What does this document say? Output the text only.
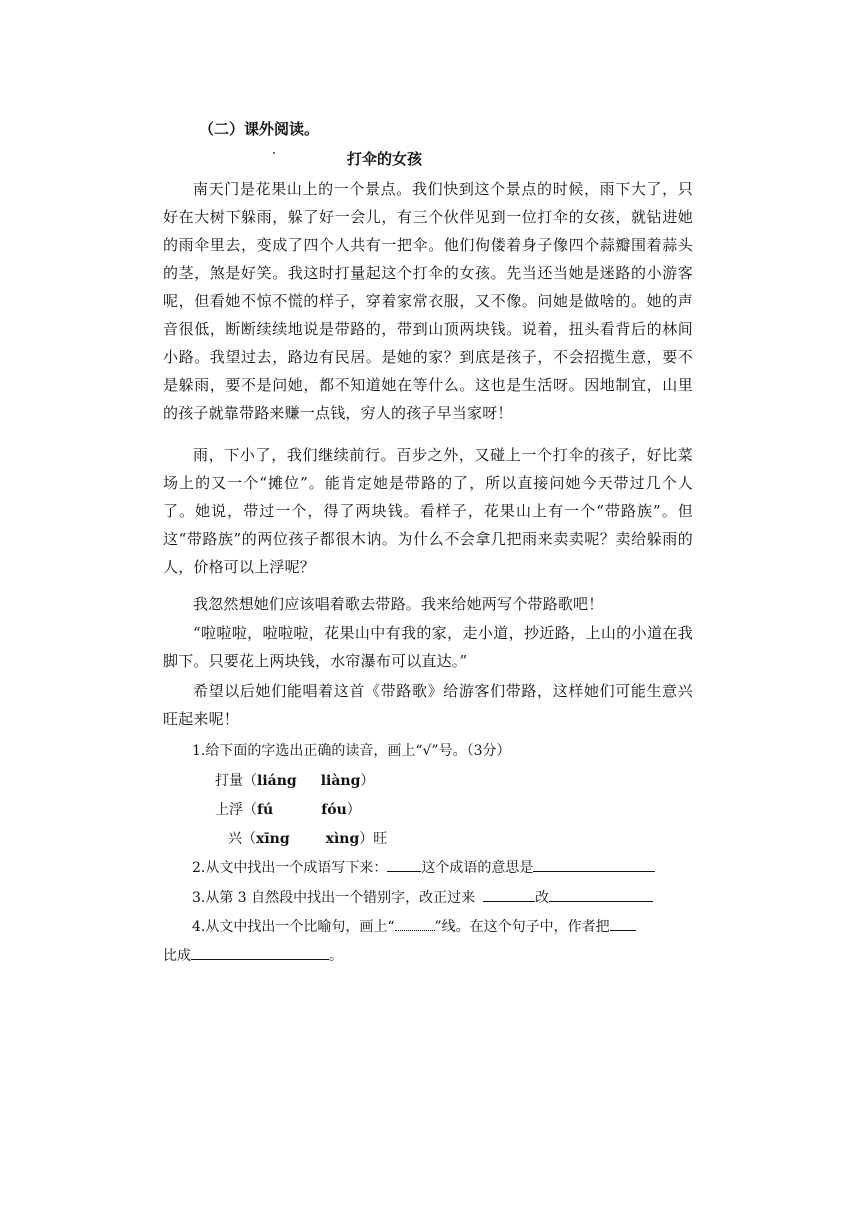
（二）课外阅读。
打伞的女孩

南天门是花果山上的一个景点。我们快到这个景点的时候，雨下大了，只好在大树下躲雨，躲了好一会儿，有三个伙伴见到一位打伞的女孩，就钻进她的雨伞里去，变成了四个人共有一把伞。他们佝偻着身子像四个蒜瓣围着蒜头的茎，煞是好笑。我这时打量起这个打伞的女孩。先当还当她是迷路的小游客呢，但看她不惊不慌的样子，穿着家常衣服，又不像。问她是做啥的。她的声音很低，断断续续地说是带路的，带到山顶两块钱。说着，扭头看背后的林间小路。我望过去，路边有民居。是她的家？到底是孩子，不会招揽生意，要不是躲雨，要不是问她，都不知道她在等什么。这也是生活呀。因地制宜，山里的孩子就靠带路来赚一点钱，穷人的孩子早当家呀！

雨，下小了，我们继续前行。百步之外，又碰上一个打伞的孩子，好比菜场上的又一个“摊位”。能肯定她是带路的了，所以直接问她今天带过几个人了。她说，带过一个，得了两块钱。看样子，花果山上有一个“带路族”。但这“带路族”的两位孩子都很木讷。为什么不会拿几把雨来卖卖呢？卖给躲雨的人，价格可以上浮呢？

我忽然想她们应该唱着歌去带路。我来给她两写个带路歌吧！

“啦啦啦，啦啦啦，花果山中有我的家，走小道，抄近路，上山的小道在我脚下。只要花上两块钱，水帘瀑布可以直达。”

希望以后她们能唱着这首《带路歌》给游客们带路，这样她们可能生意兴旺起来呢！

1.给下面的字选出正确的读音，画上“√”号。（3分）
打量（liáng liàng）
上浮（fú	fóu）
兴（xīng	xìng）旺
2.从文中找出一个成语写下来： 这个成语的意思是
3.从第 3 自然段中找出一个错别字，改正过来	改
4.从文中找出一个比喻句，画上“	”线。在这个句子中，作者把
比成	。
